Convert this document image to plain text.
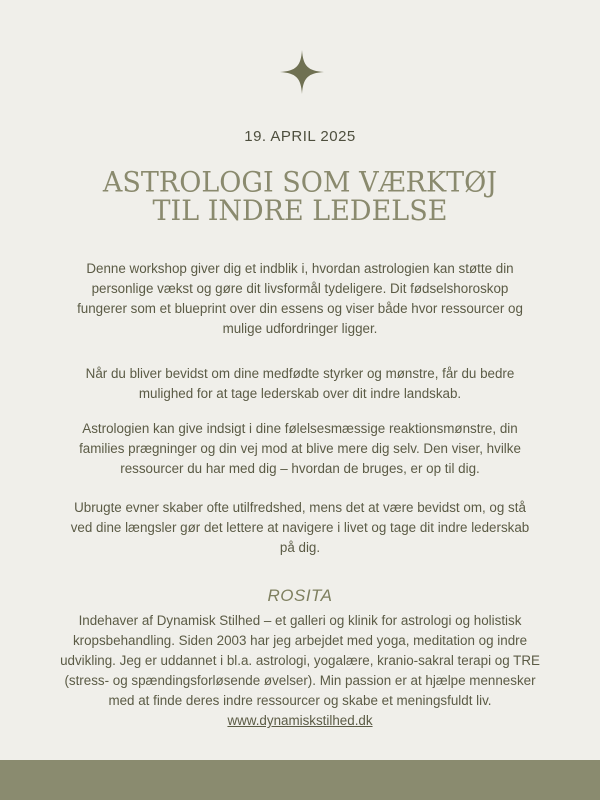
19. APRIL 2025
ASTROLOGI SOM VÆRKTØJ
TIL INDRE LEDELSE
Denne workshop giver dig et indblik i, hvordan astrologien kan støtte din personlige vækst og gøre dit livsformål tydeligere. Dit fødselshoroskop fungerer som et blueprint over din essens og viser både hvor ressourcer og mulige udfordringer ligger.
Når du bliver bevidst om dine medfødte styrker og mønstre, får du bedre mulighed for at tage lederskab over dit indre landskab.
Astrologien kan give indsigt i dine følelsesmæssige reaktionsmønstre, din families prægninger og din vej mod at blive mere dig selv. Den viser, hvilke ressourcer du har med dig – hvordan de bruges, er op til dig.
Ubrugte evner skaber ofte utilfredshed, mens det at være bevidst om, og stå ved dine længsler gør det lettere at navigere i livet og tage dit indre lederskab på dig.
ROSITA
Indehaver af Dynamisk Stilhed – et galleri og klinik for astrologi og holistisk kropsbehandling. Siden 2003 har jeg arbejdet med yoga, meditation og indre udvikling. Jeg er uddannet i bl.a. astrologi, yogalære, kranio-sakral terapi og TRE (stress- og spændingsforløsende øvelser). Min passion er at hjælpe mennesker med at finde deres indre ressourcer og skabe et meningsfuldt liv.
www.dynamiskstilhed.dk
